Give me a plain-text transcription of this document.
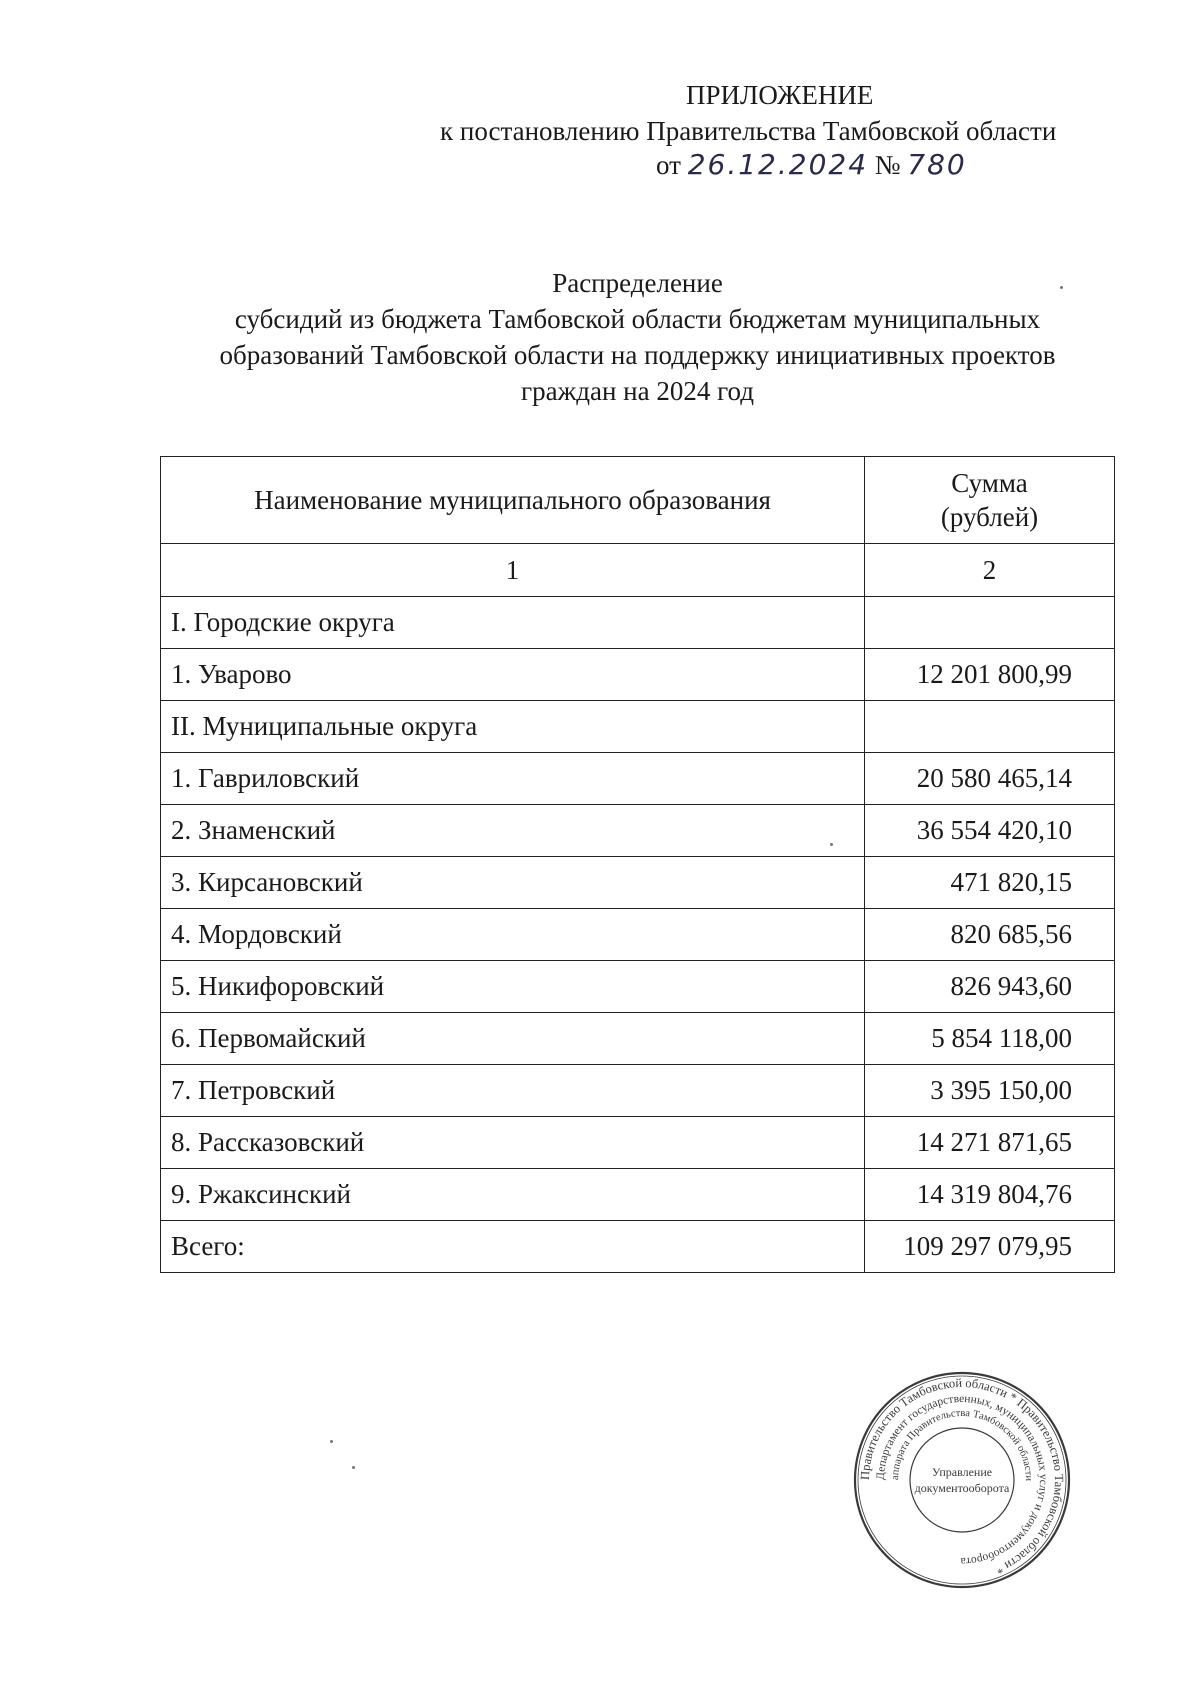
ПРИЛОЖЕНИЕ
к постановлению Правительства Тамбовской области
от 26.12.2024 № 780
Распределение
субсидий из бюджета Тамбовской области бюджетам муниципальных
образований Тамбовской области на поддержку инициативных проектов
граждан на 2024 год
Наименование муниципального образования	Сумма
(рублей)

1	2
I. Городские округа	
1. Уварово	12 201 800,99
II. Муниципальные округа	
1. Гавриловский	20 580 465,14
2. Знаменский	36 554 420,10
3. Кирсановский	471 820,15
4. Мордовский	820 685,56
5. Никифоровский	826 943,60
6. Первомайский	5 854 118,00
7. Петровский	3 395 150,00
8. Рассказовский	14 271 871,65
9. Ржаксинский	14 319 804,76
Всего:	109 297 079,95
Правительство Тамбовской области * Правительство Тамбовской области *
Департамент государственных, муниципальных услуг и документооборота
аппарата Правительства Тамбовской области
Управление
документооборота
